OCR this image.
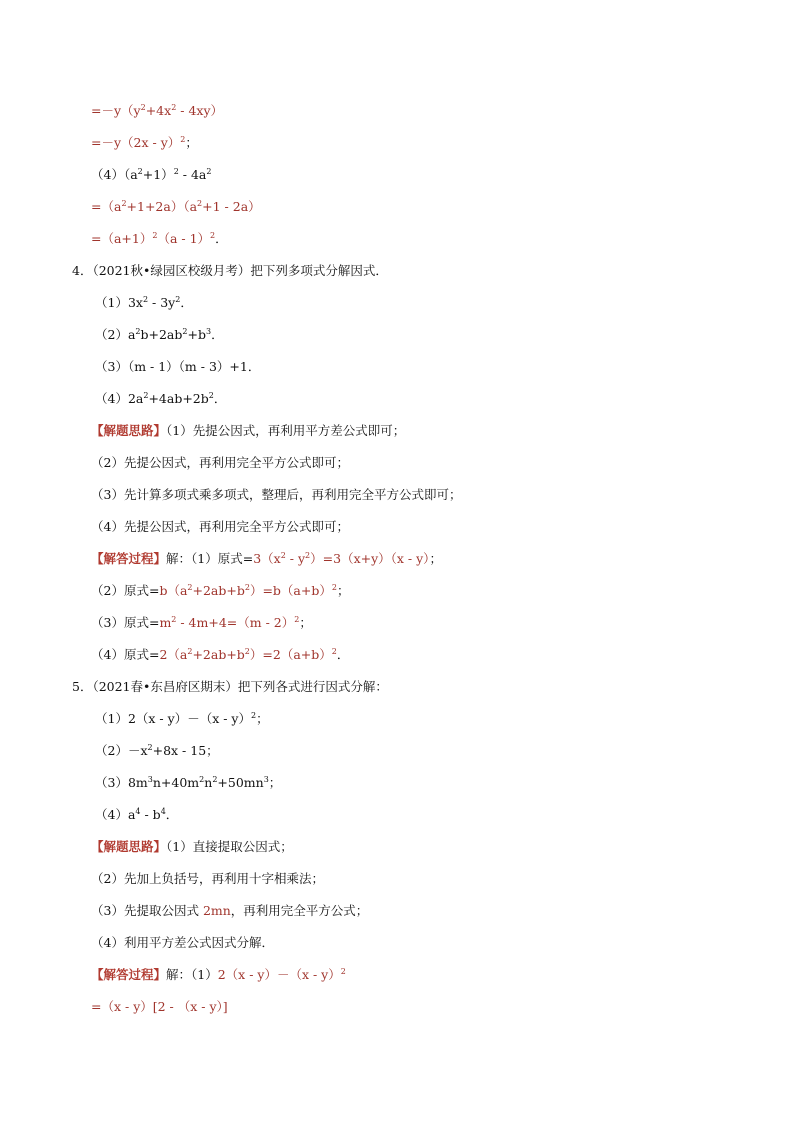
$=-y(y^2+4x^2 - 4xy)$
=－y（2x - y）$^2$；
$(4)(a^2+1)^2 - 4a^2$
$=(a^2+1+2a)(a^2+1 - 2a)$
$=(a+1)^2(a - 1)^2$．
4．（2021秋•绿园区校级月考）把下列多项式分解因式．
$(1)3x^2 - 3y^2$．
$(2)a^2b+2ab^2+b^3$．
（3）（m - 1）（m - 3）+1．
$(4)2a^2+4ab+2b^2$．
【解题思路】（1）先提公因式，再利用平方差公式即可；
（2）先提公因式，再利用完全平方公式即可；
（3）先计算多项式乘多项式，整理后，再利用完全平方公式即可；
（4）先提公因式，再利用完全平方公式即可；
【解答过程】解：（1）原式$=3(x^2 - y^2)=3(x+y)(x - y)$；
（2）原式$=b(a^2+2ab+b^2)=b(a+b)^2$；
（3）原式$=m^2 - 4m+4=(m - 2)^2$；
（4）原式$=2(a^2+2ab+b^2)=2(a+b)^2$．
5．（2021春•东昌府区期末）把下列各式进行因式分解：
（1）2（x - y）－（x - y）$^2$；
$(2)-x^2+8x - 15$；
$(3)8m^3n+40m^2n^2+50mn^3$；
$(4)a^4 - b^4$．
【解题思路】（1）直接提取公因式；
（2）先加上负括号，再利用十字相乘法；
（3）先提取公因式 2mn，再利用完全平方公式；
（4）利用平方差公式因式分解．
【解答过程】解：（1）2（x - y）－（x - y）$^2$
=（x - y）[2 - （x - y）]
